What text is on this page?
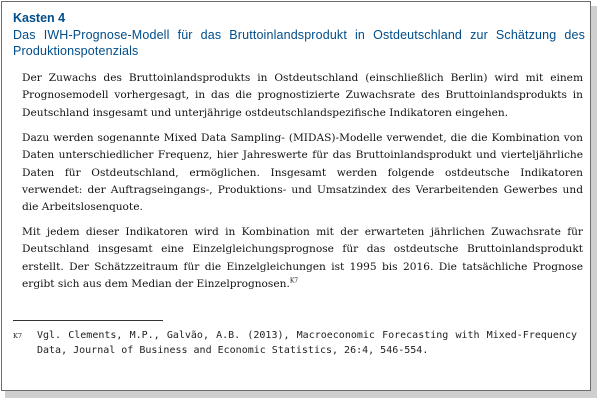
Kasten 4
Das IWH-Prognose-Modell für das Bruttoinlandsprodukt in Ostdeutschland zur Schätzung des Produktionspotenzials
Der Zuwachs des Bruttoinlandsprodukts in Ostdeutschland (einschließlich Berlin) wird mit einem Prognosemodell vorhergesagt, in das die prognostizierte Zuwachsrate des Bruttoinlandsprodukts in Deutschland insgesamt und unterjährige ostdeutschlandspezifische Indikatoren eingehen.
Dazu werden sogenannte Mixed Data Sampling- (MIDAS)-Modelle verwendet, die die Kombination von Daten unterschiedlicher Frequenz, hier Jahreswerte für das Bruttoinlandsprodukt und vierteljährliche Daten für Ostdeutschland, ermöglichen. Insgesamt werden folgende ostdeutsche Indikatoren verwendet: der Auftragseingangs-, Produktions- und Umsatzindex des Verarbeitenden Gewerbes und die Arbeitslosenquote.
Mit jedem dieser Indikatoren wird in Kombination mit der erwarteten jährlichen Zuwachsrate für Deutschland insgesamt eine Einzelgleichungsprognose für das ostdeutsche Bruttoinlandsprodukt erstellt. Der Schätzzeitraum für die Einzelgleichungen ist 1995 bis 2016. Die tatsächliche Prognose ergibt sich aus dem Median der Einzelprognosen.$^{K7}$
K7 Vgl. Clements, M.P., Galvão, A.B. (2013), Macroeconomic Forecasting with Mixed-Frequency Data, Journal of Business and Economic Statistics, 26:4, 546-554.
